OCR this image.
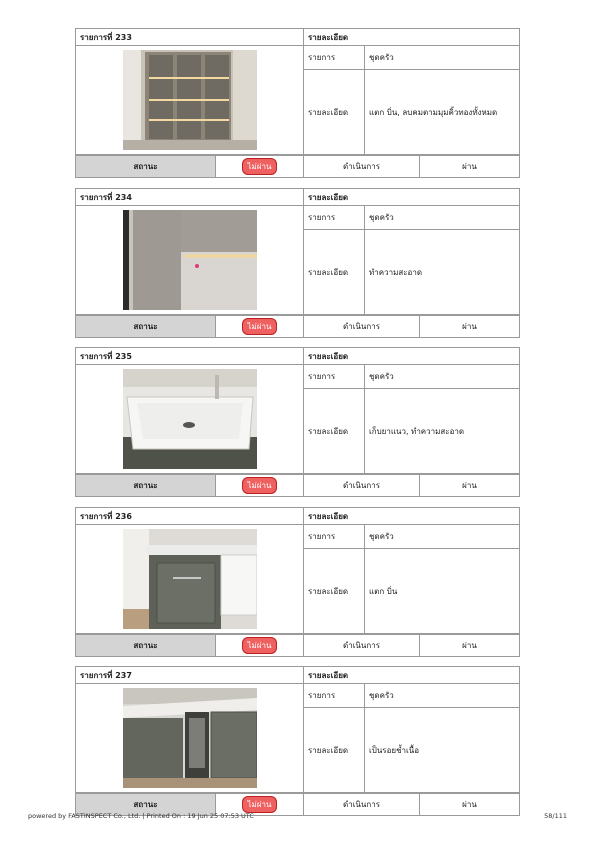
รายการที่ 233	รายละเอียด	

	รายการ	ชุดครัว
	รายละเอียด	แตก บิ่น, ลบคมตามมุมคิ้วทองทั้งหมด
สถานะ	ไม่ผ่าน	ดำเนินการ	ผ่าน
รายการที่ 234	รายละเอียด	

	รายการ	ชุดครัว
	รายละเอียด	ทำความสะอาด
สถานะ	ไม่ผ่าน	ดำเนินการ	ผ่าน
รายการที่ 235	รายละเอียด	

	รายการ	ชุดครัว
	รายละเอียด	เก็บยาแนว, ทำความสะอาด
สถานะ	ไม่ผ่าน	ดำเนินการ	ผ่าน
รายการที่ 236	รายละเอียด	

	รายการ	ชุดครัว
	รายละเอียด	แตก บิ่น
สถานะ	ไม่ผ่าน	ดำเนินการ	ผ่าน
รายการที่ 237	รายละเอียด	

	รายการ	ชุดครัว
	รายละเอียด	เป็นรอยช้ำเนื้อ
สถานะ	ไม่ผ่าน	ดำเนินการ	ผ่าน
powered by FASTINSPECT Co., Ltd. | Printed On : 19 Jun 25 07:53 UTC	58/111
